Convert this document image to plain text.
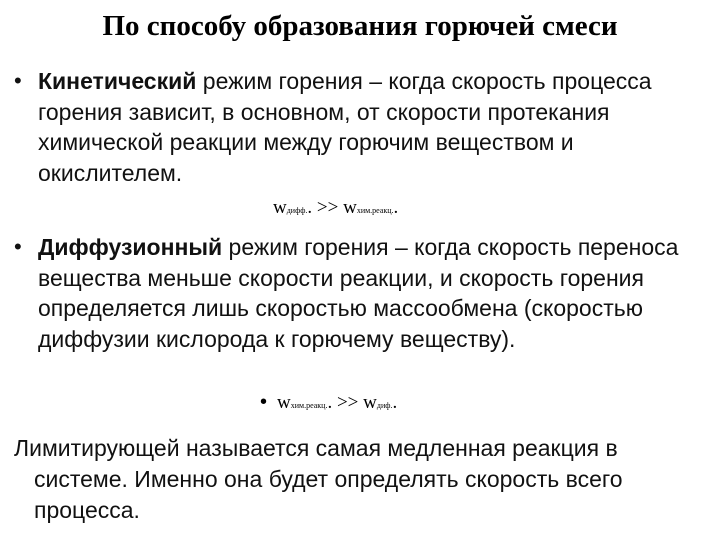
По способу образования горючей смеси
• Кинетический режим горения – когда скорость процесса горения зависит, в основном, от скорости протекания химической реакции между горючим веществом и окислителем.
wдифф.. >> wхим.реакц..
• Диффузионный режим горения – когда скорость переноса вещества меньше скорости реакции, и скорость горения определяется лишь скоростью массообмена (скоростью диффузии кислорода к горючему веществу).
• wхим.реакц.. >> wдиф..
Лимитирующей называется самая медленная реакция в
системе. Именно она будет определять скорость всего процесса.
